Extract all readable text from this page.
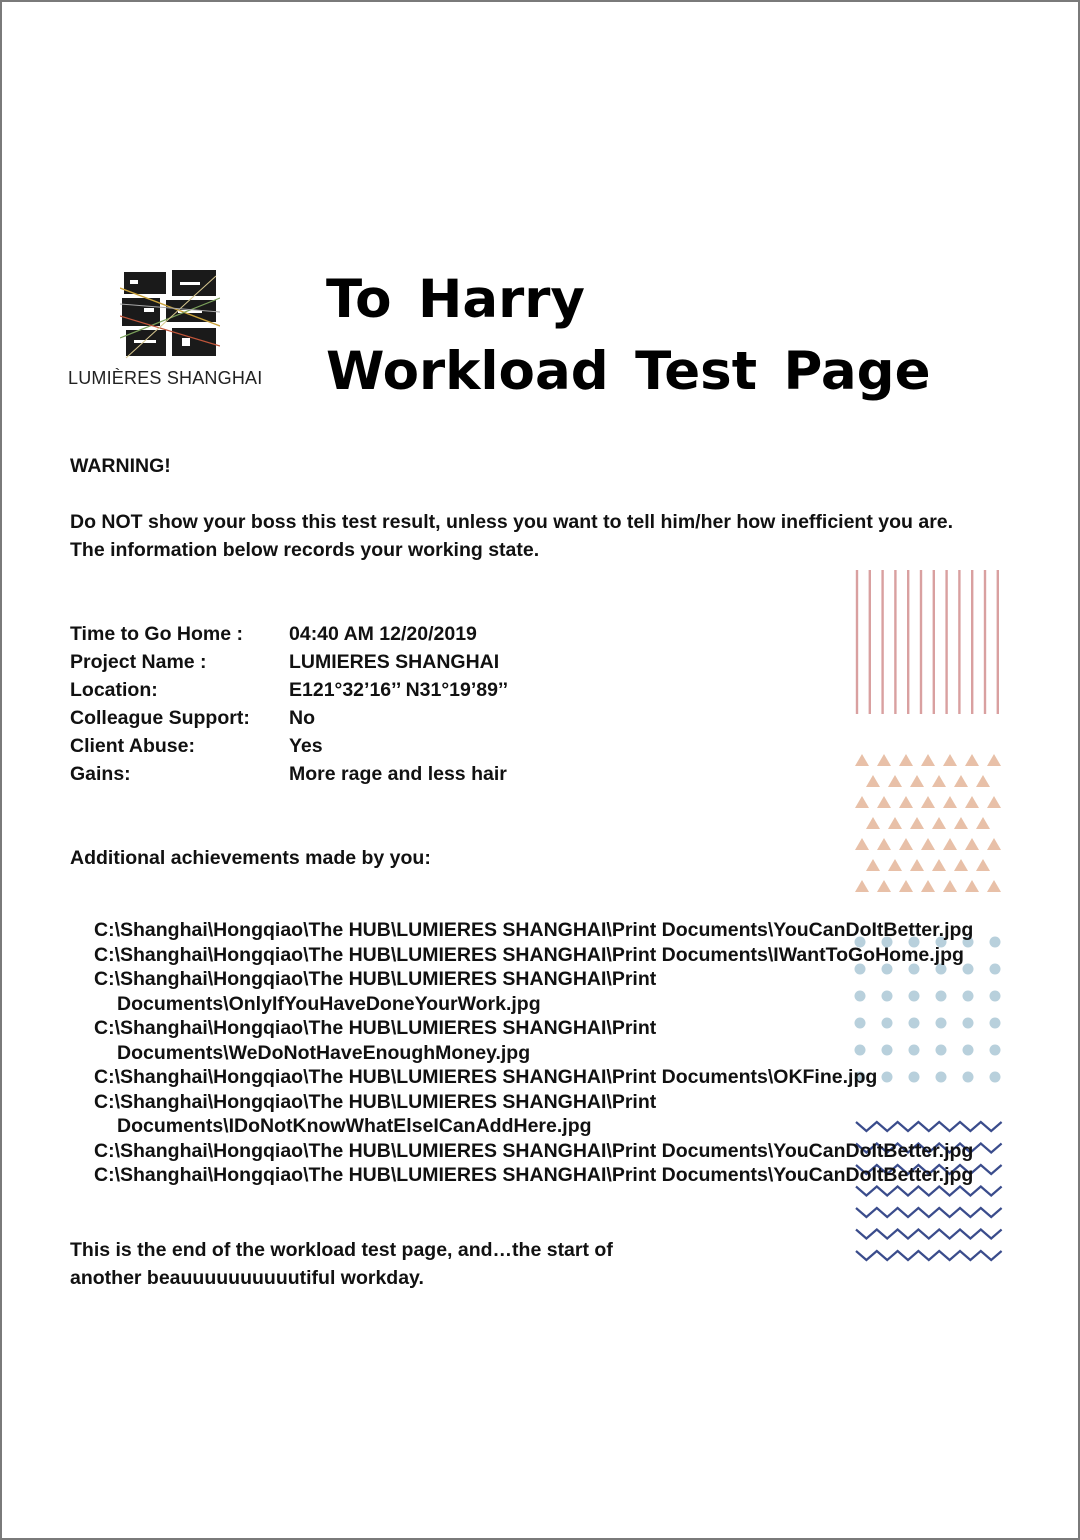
LUMIÈRES SHANGHAI
To Harry
Workload Test Page
WARNING!
Do NOT show your boss this test result, unless you want to tell him/her how inefficient you are.
The information below records your working state.
Time to Go Home : 04:40 AM 12/20/2019
Project Name :	LUMIERES SHANGHAI
Location:	E121°32’16’’ N31°19’89’’
Colleague Support: No
Client Abuse:	Yes
Gains:	More rage and less hair
Additional achievements made by you:
C:\Shanghai\Hongqiao\The HUB\LUMIERES SHANGHAI\Print Documents\YouCanDoItBetter.jpg
C:\Shanghai\Hongqiao\The HUB\LUMIERES SHANGHAI\Print Documents\IWantToGoHome.jpg
C:\Shanghai\Hongqiao\The HUB\LUMIERES SHANGHAI\Print
Documents\OnlyIfYouHaveDoneYourWork.jpg
C:\Shanghai\Hongqiao\The HUB\LUMIERES SHANGHAI\Print
Documents\WeDoNotHaveEnoughMoney.jpg
C:\Shanghai\Hongqiao\The HUB\LUMIERES SHANGHAI\Print Documents\OKFine.jpg
C:\Shanghai\Hongqiao\The HUB\LUMIERES SHANGHAI\Print
Documents\IDoNotKnowWhatElseICanAddHere.jpg
C:\Shanghai\Hongqiao\The HUB\LUMIERES SHANGHAI\Print Documents\YouCanDoItBetter.jpg
C:\Shanghai\Hongqiao\The HUB\LUMIERES SHANGHAI\Print Documents\YouCanDoItBetter.jpg
This is the end of the workload test page, and…the start of
another beauuuuuuuuuutiful workday.
